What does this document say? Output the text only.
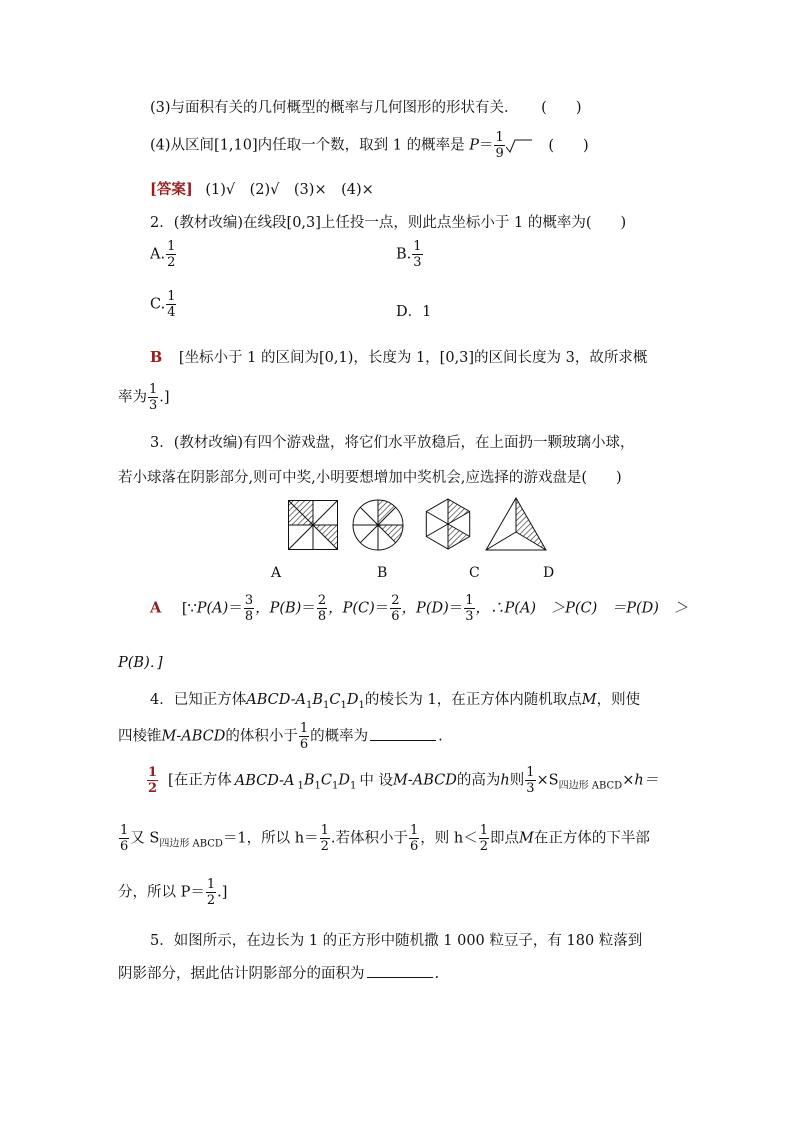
(3)与面积有关的几何概型的概率与几何图形的形状有关． (　　)
(4)从区间[1,10]内任取一个数，取到 1 的概率是 $P= \frac{1}{9}$	(　　)
[答案] (1)√　(2)√　(3)×　(4)×
2．(教材改编)在线段[0,3]上任投一点，则此点坐标小于 1 的概率为(　　)
A. $\frac{1}{2}$	B. $\frac{1}{3}$
C. $\frac{1}{4}$	D．1
B [坐标小于 1 的区间为[0,1)，长度为 1，[0,3]的区间长度为 3，故所求概
率为 $\frac{1}{3}$ .]
3．(教材改编)有四个游戏盘，将它们水平放稳后，在上面扔一颗玻璃小球，
若小球落在阴影部分,则可中奖,小明要想增加中奖机会,应选择的游戏盘是(　　)
A	B	C	D
A [∵P(A)＝ $\frac{3}{8}$ ，$P(B)= \frac{2}{8}$ ，$P(C)= \frac{2}{6}$ ，$P(D)= \frac{1}{3}$ ，∴P(A)　＞P(C)　＝P(D)　＞
P(B)．]
4．已知正方体ABCD-$A_1B_1C_1D_1$的棱长为 1，在正方体内随机取点M，则使
四棱锥M-ABCD的体积小于 $\frac{1}{6}$ 的概率为	.
$\frac{1}{2}$ [在正方体 ABCD-A $_1B_1C_1D_1$ 中 设M-ABCD的高为h则 $\frac{1}{3} \times S_{四边形 ABCD}\times h=$
$\frac{1}{6}$ 又 $S_{四边形 ABCD}=1$，所以 $h= \frac{1}{2}$ .若体积小于 $\frac{1}{6}$ ，则 $h< \frac{1}{2}$ 即点M在正方体的下半部
分，所以 $P= \frac{1}{2}$ .]
5．如图所示，在边长为 1 的正方形中随机撒 1 000 粒豆子，有 180 粒落到
阴影部分，据此估计阴影部分的面积为	.
